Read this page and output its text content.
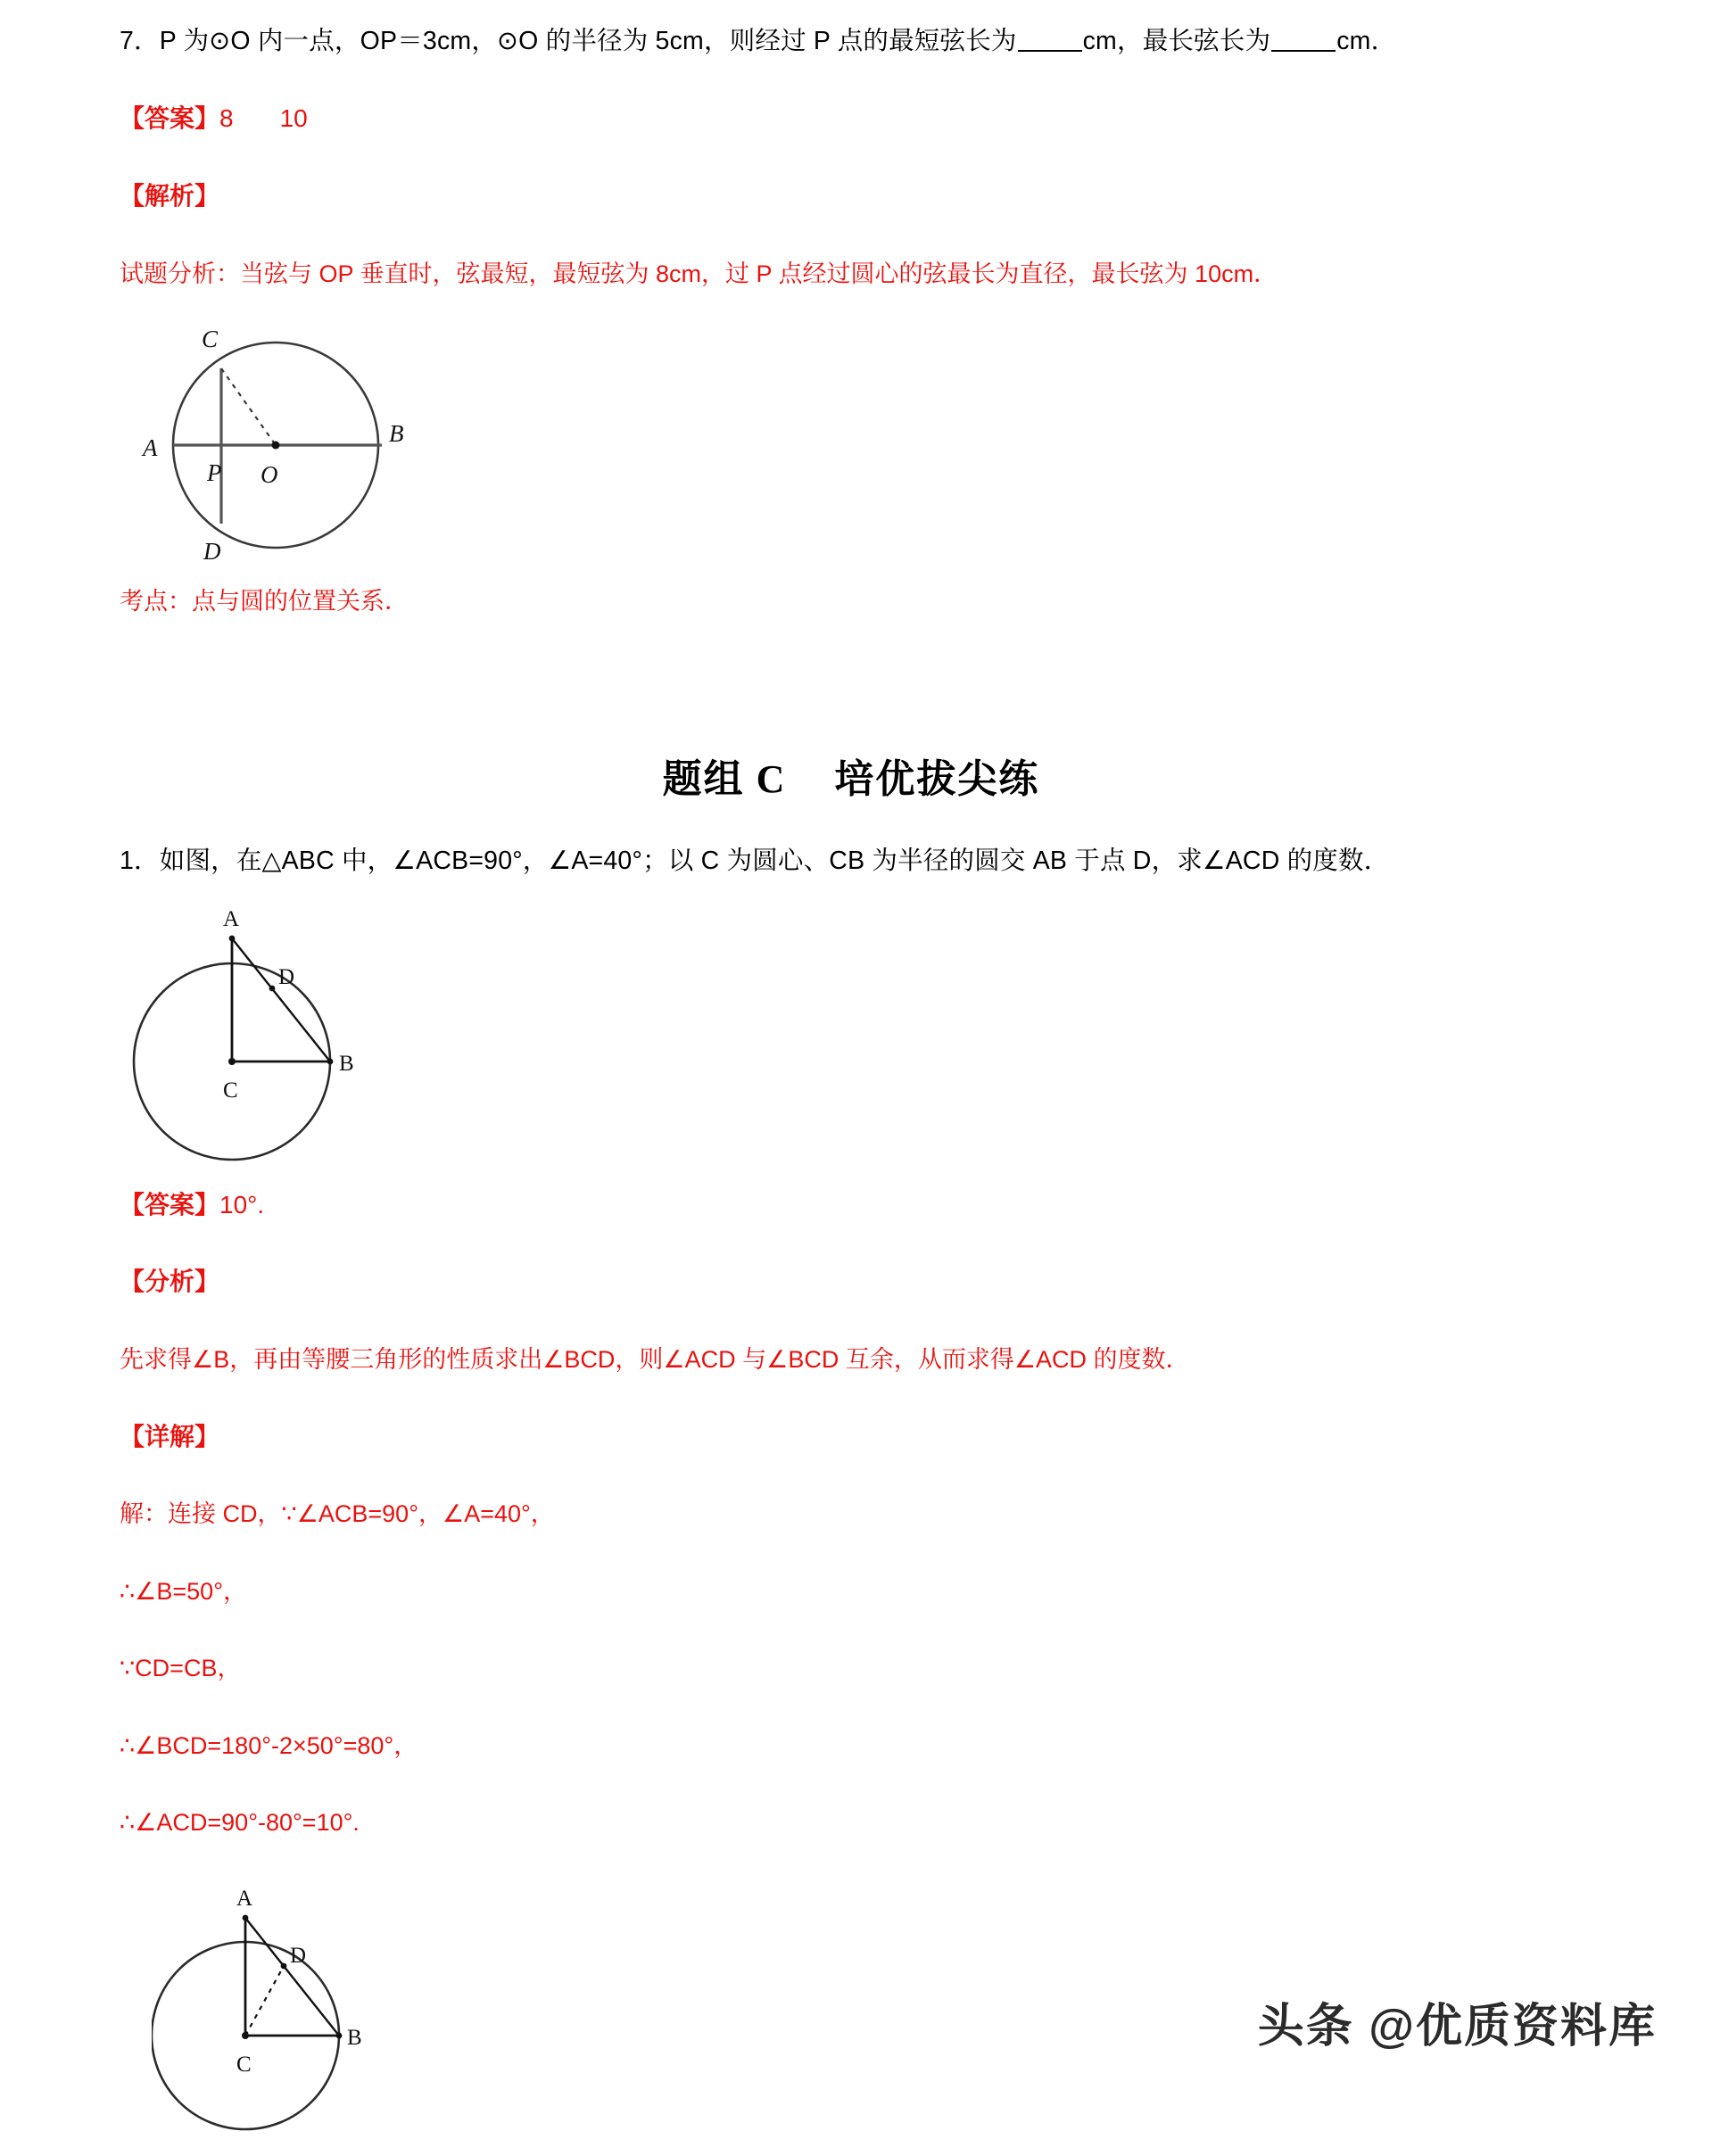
7．P 为⊙O 内一点，OP＝3cm，⊙O 的半径为 5cm，则经过 P 点的最短弦长为	cm，最长弦长为	cm．
【答案】8 10
【解析】
试题分析：当弦与 OP 垂直时，弦最短，最短弦为 8cm，过 P 点经过圆心的弦最长为直径，最长弦为 10cm．
C
A
B
P O
D
考点：点与圆的位置关系．
题组 C 培优拔尖练
1．如图，在△ABC 中，∠ACB=90°，∠A=40°；以 C 为圆心、CB 为半径的圆交 AB 于点 D，求∠ACD 的度数．
A
D
B
C
【答案】10°.
【分析】
先求得∠B，再由等腰三角形的性质求出∠BCD，则∠ACD 与∠BCD 互余，从而求得∠ACD 的度数．
【详解】
解：连接 CD，∵∠ACB=90°，∠A=40°，
∴∠B=50°，
∵CD=CB，
∴∠BCD=180°-2×50°=80°，
∴∠ACD=90°-80°=10°.
A
D
B
C
头条 @优质资料库
